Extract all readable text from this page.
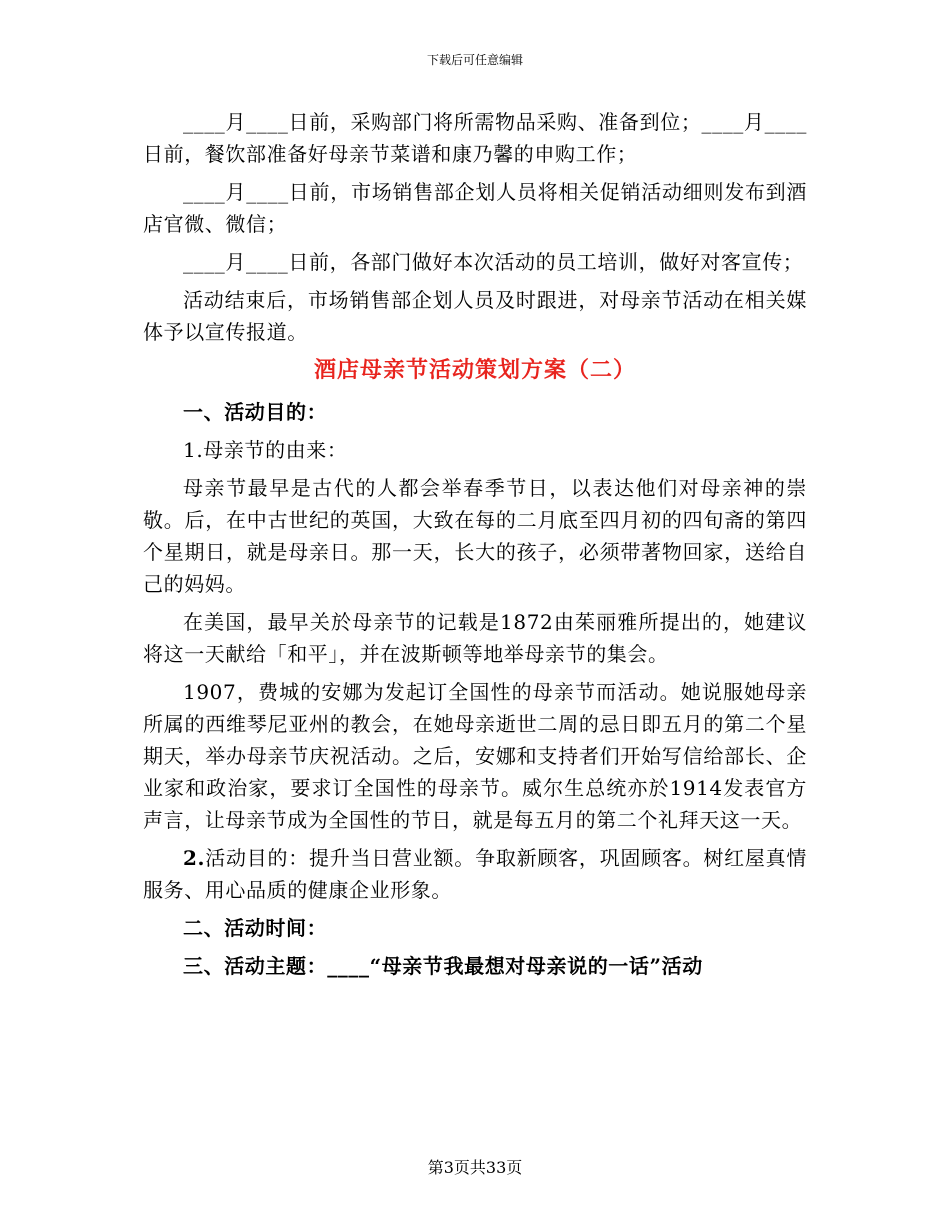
下载后可任意编辑

____月____日前，采购部门将所需物品采购、准备到位；____月____日前，餐饮部准备好母亲节菜谱和康乃馨的申购工作；

____月____日前，市场销售部企划人员将相关促销活动细则发布到酒店官微、微信；

____月____日前，各部门做好本次活动的员工培训，做好对客宣传；

活动结束后，市场销售部企划人员及时跟进，对母亲节活动在相关媒体予以宣传报道。

酒店母亲节活动策划方案（二）
一、活动目的：

1.母亲节的由来：

母亲节最早是古代的人都会举春季节日，以表达他们对母亲神的崇敬。后，在中古世纪的英国，大致在每的二月底至四月初的四旬斋的第四个星期日，就是母亲日。那一天，长大的孩子，必须带著物回家，送给自己的妈妈。

在美国，最早关於母亲节的记载是1872由茱丽雅所提出的，她建议将这一天献给「和平」，并在波斯顿等地举母亲节的集会。

1907，费城的安娜为发起订全国性的母亲节而活动。她说服她母亲所属的西维琴尼亚州的教会，在她母亲逝世二周的忌日即五月的第二个星期天，举办母亲节庆祝活动。之后，安娜和支持者们开始写信给部长、企业家和政治家，要求订全国性的母亲节。威尔生总统亦於1914发表官方声言，让母亲节成为全国性的节日，就是每五月的第二个礼拜天这一天。

2.活动目的：提升当日营业额。争取新顾客，巩固顾客。树红屋真情服务、用心品质的健康企业形象。

二、活动时间：
三、活动主题：____“母亲节我最想对母亲说的一话”活动
第3页共33页
